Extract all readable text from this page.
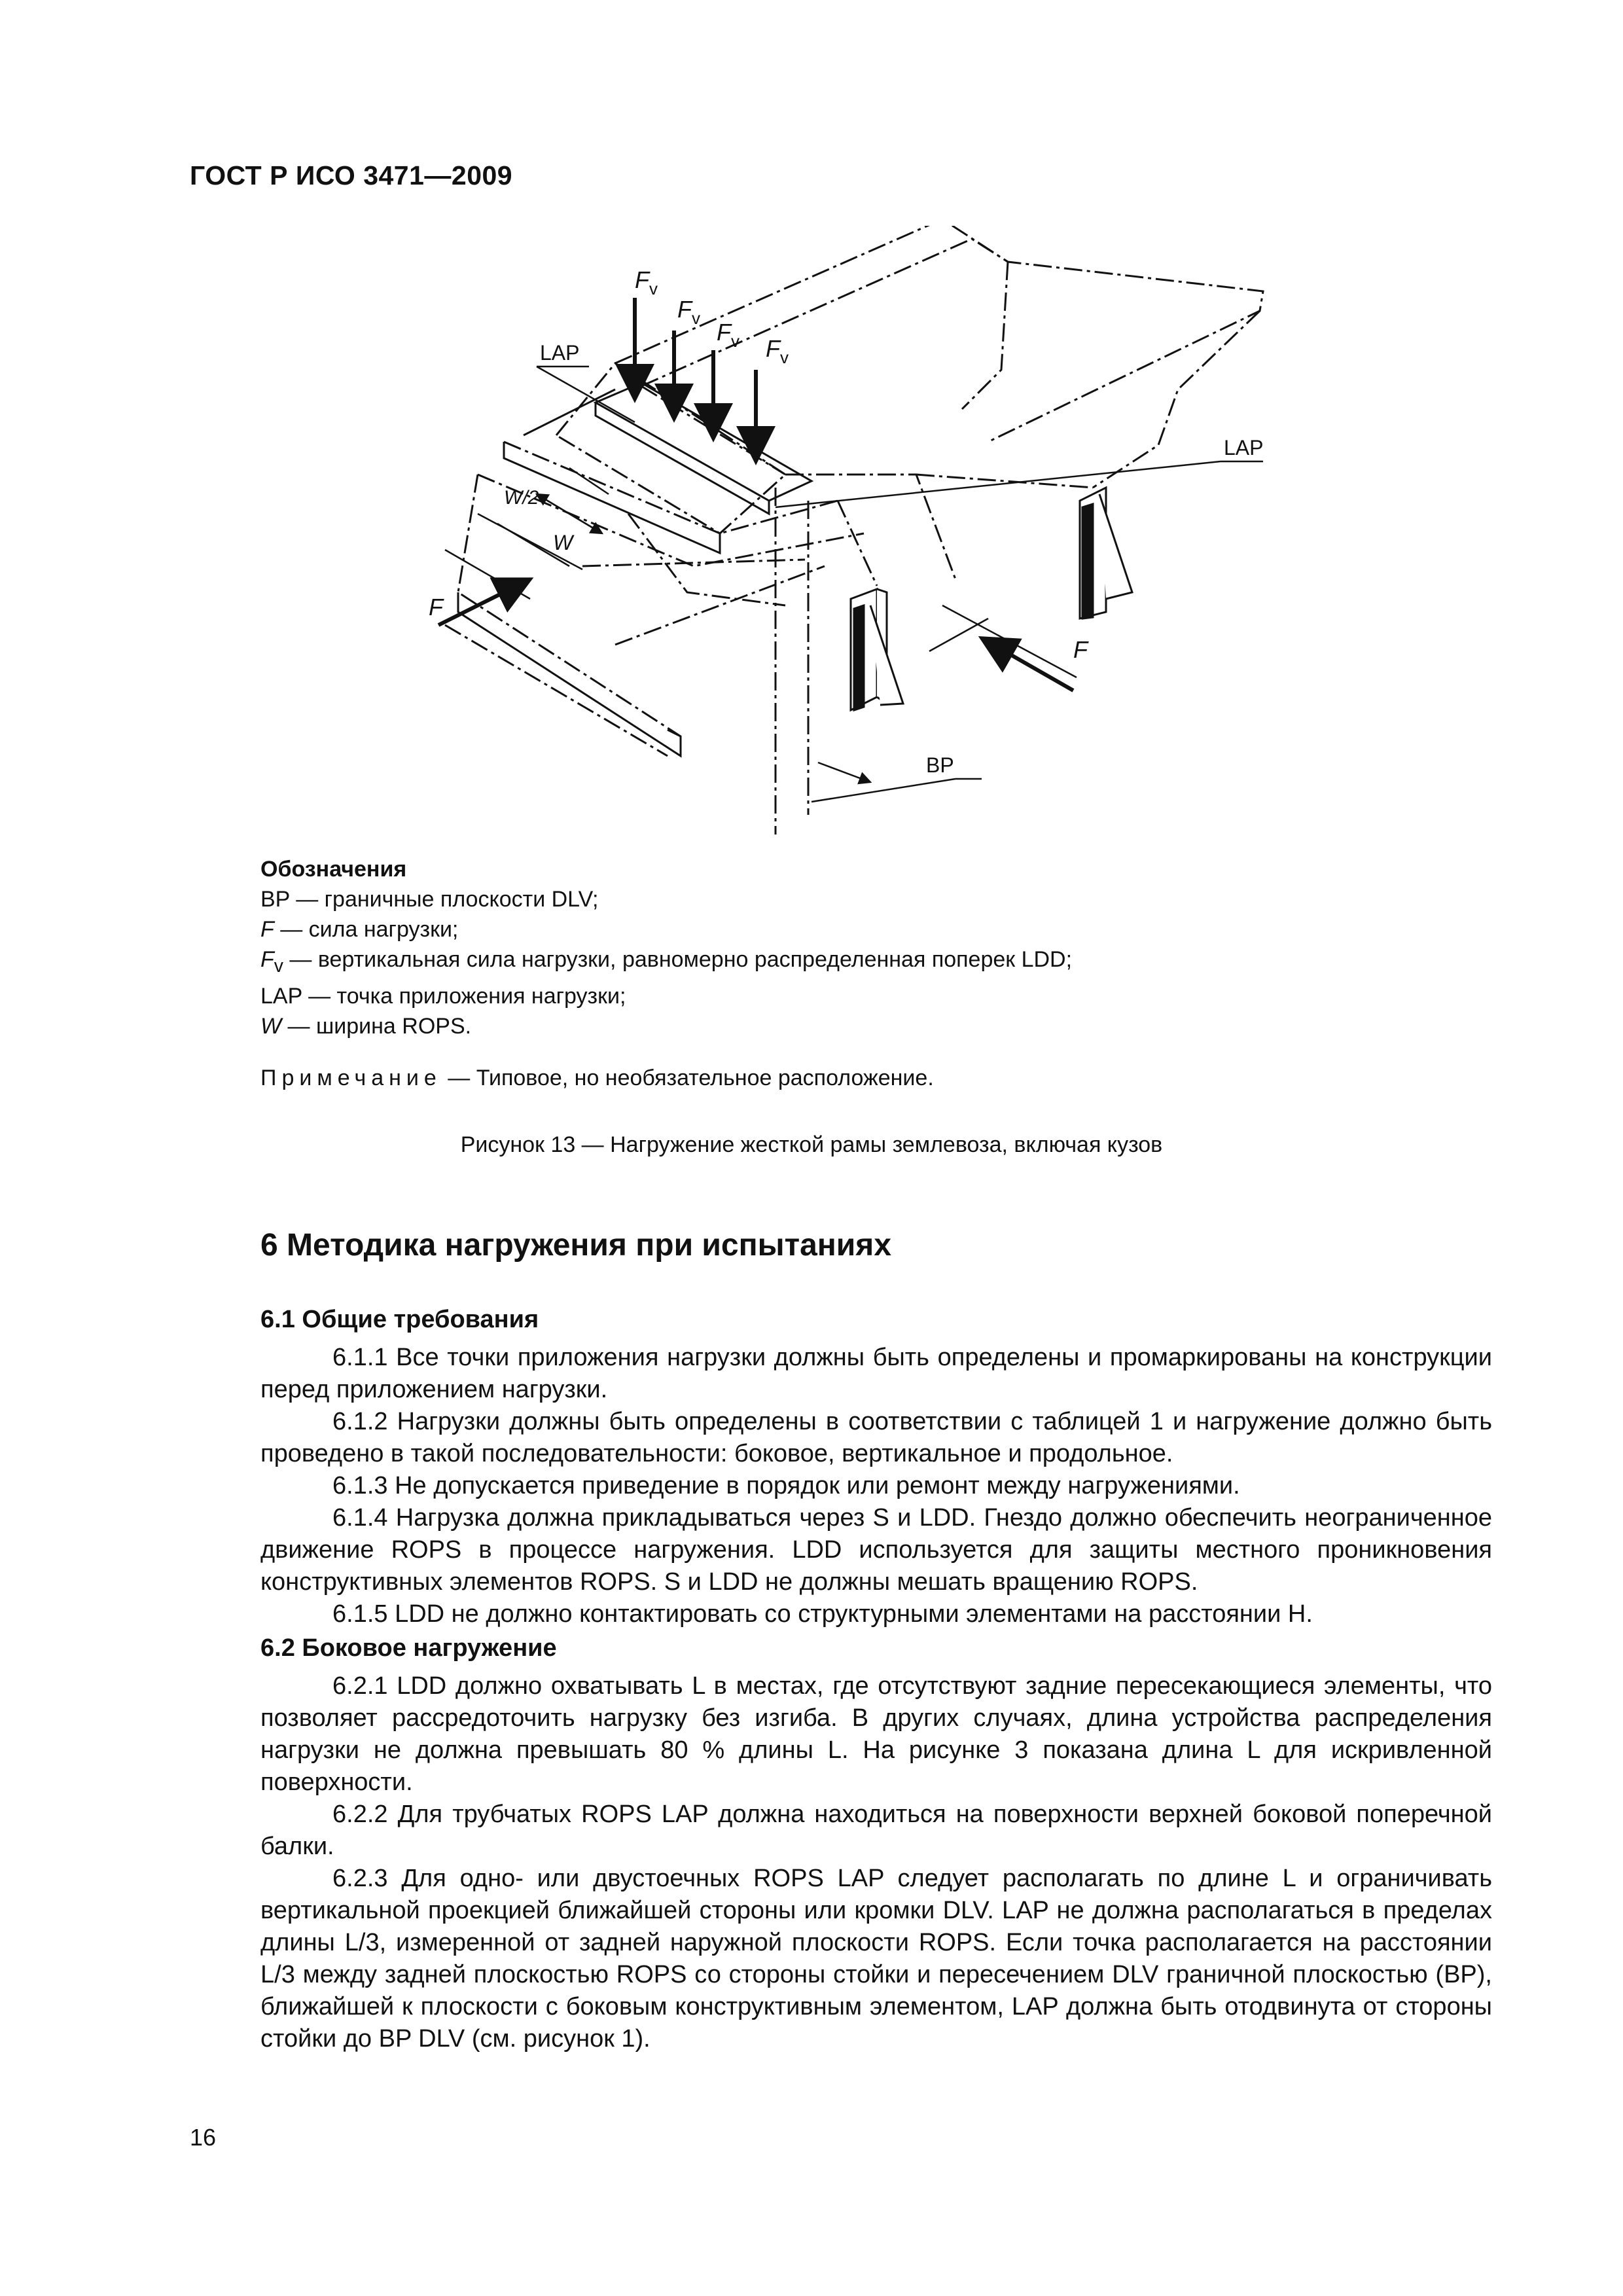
ГОСТ Р ИСО 3471—2009
F v
F v
F v F v
LAP
LAP
W/2
W
F
F
BP
Обозначения
BP — граничные плоскости DLV;
F — сила нагрузки;
$F_v$ — вертикальная сила нагрузки, равномерно распределенная поперек LDD;
LAP — точка приложения нагрузки;
W — ширина ROPS.
Примечание — Типовое, но необязательное расположение.
Рисунок 13 — Нагружение жесткой рамы землевоза, включая кузов
6 Методика нагружения при испытаниях
6.1 Общие требования
6.1.1 Все точки приложения нагрузки должны быть определены и промаркированы на конструкции перед приложением нагрузки.
6.1.2 Нагрузки должны быть определены в соответствии с таблицей 1 и нагружение должно быть проведено в такой последовательности: боковое, вертикальное и продольное.
6.1.3 Не допускается приведение в порядок или ремонт между нагружениями.
6.1.4 Нагрузка должна прикладываться через S и LDD. Гнездо должно обеспечить неограниченное движение ROPS в процессе нагружения. LDD используется для защиты местного проникновения конструктивных элементов ROPS. S и LDD не должны мешать вращению ROPS.
6.1.5 LDD не должно контактировать со структурными элементами на расстоянии H.
6.2 Боковое нагружение
6.2.1 LDD должно охватывать L в местах, где отсутствуют задние пересекающиеся элементы, что позволяет рассредоточить нагрузку без изгиба. В других случаях, длина устройства распределения нагрузки не должна превышать 80 % длины L. На рисунке 3 показана длина L для искривленной поверхности.
6.2.2 Для трубчатых ROPS LAP должна находиться на поверхности верхней боковой поперечной балки.
6.2.3 Для одно- или двустоечных ROPS LAP следует располагать по длине L и ограничивать вертикальной проекцией ближайшей стороны или кромки DLV. LAP не должна располагаться в пределах длины L/3, измеренной от задней наружной плоскости ROPS. Если точка располагается на расстоянии L/3 между задней плоскостью ROPS со стороны стойки и пересечением DLV граничной плоскостью (BP), ближайшей к плоскости с боковым конструктивным элементом, LAP должна быть отодвинута от стороны стойки до BP DLV (см. рисунок 1).
16
